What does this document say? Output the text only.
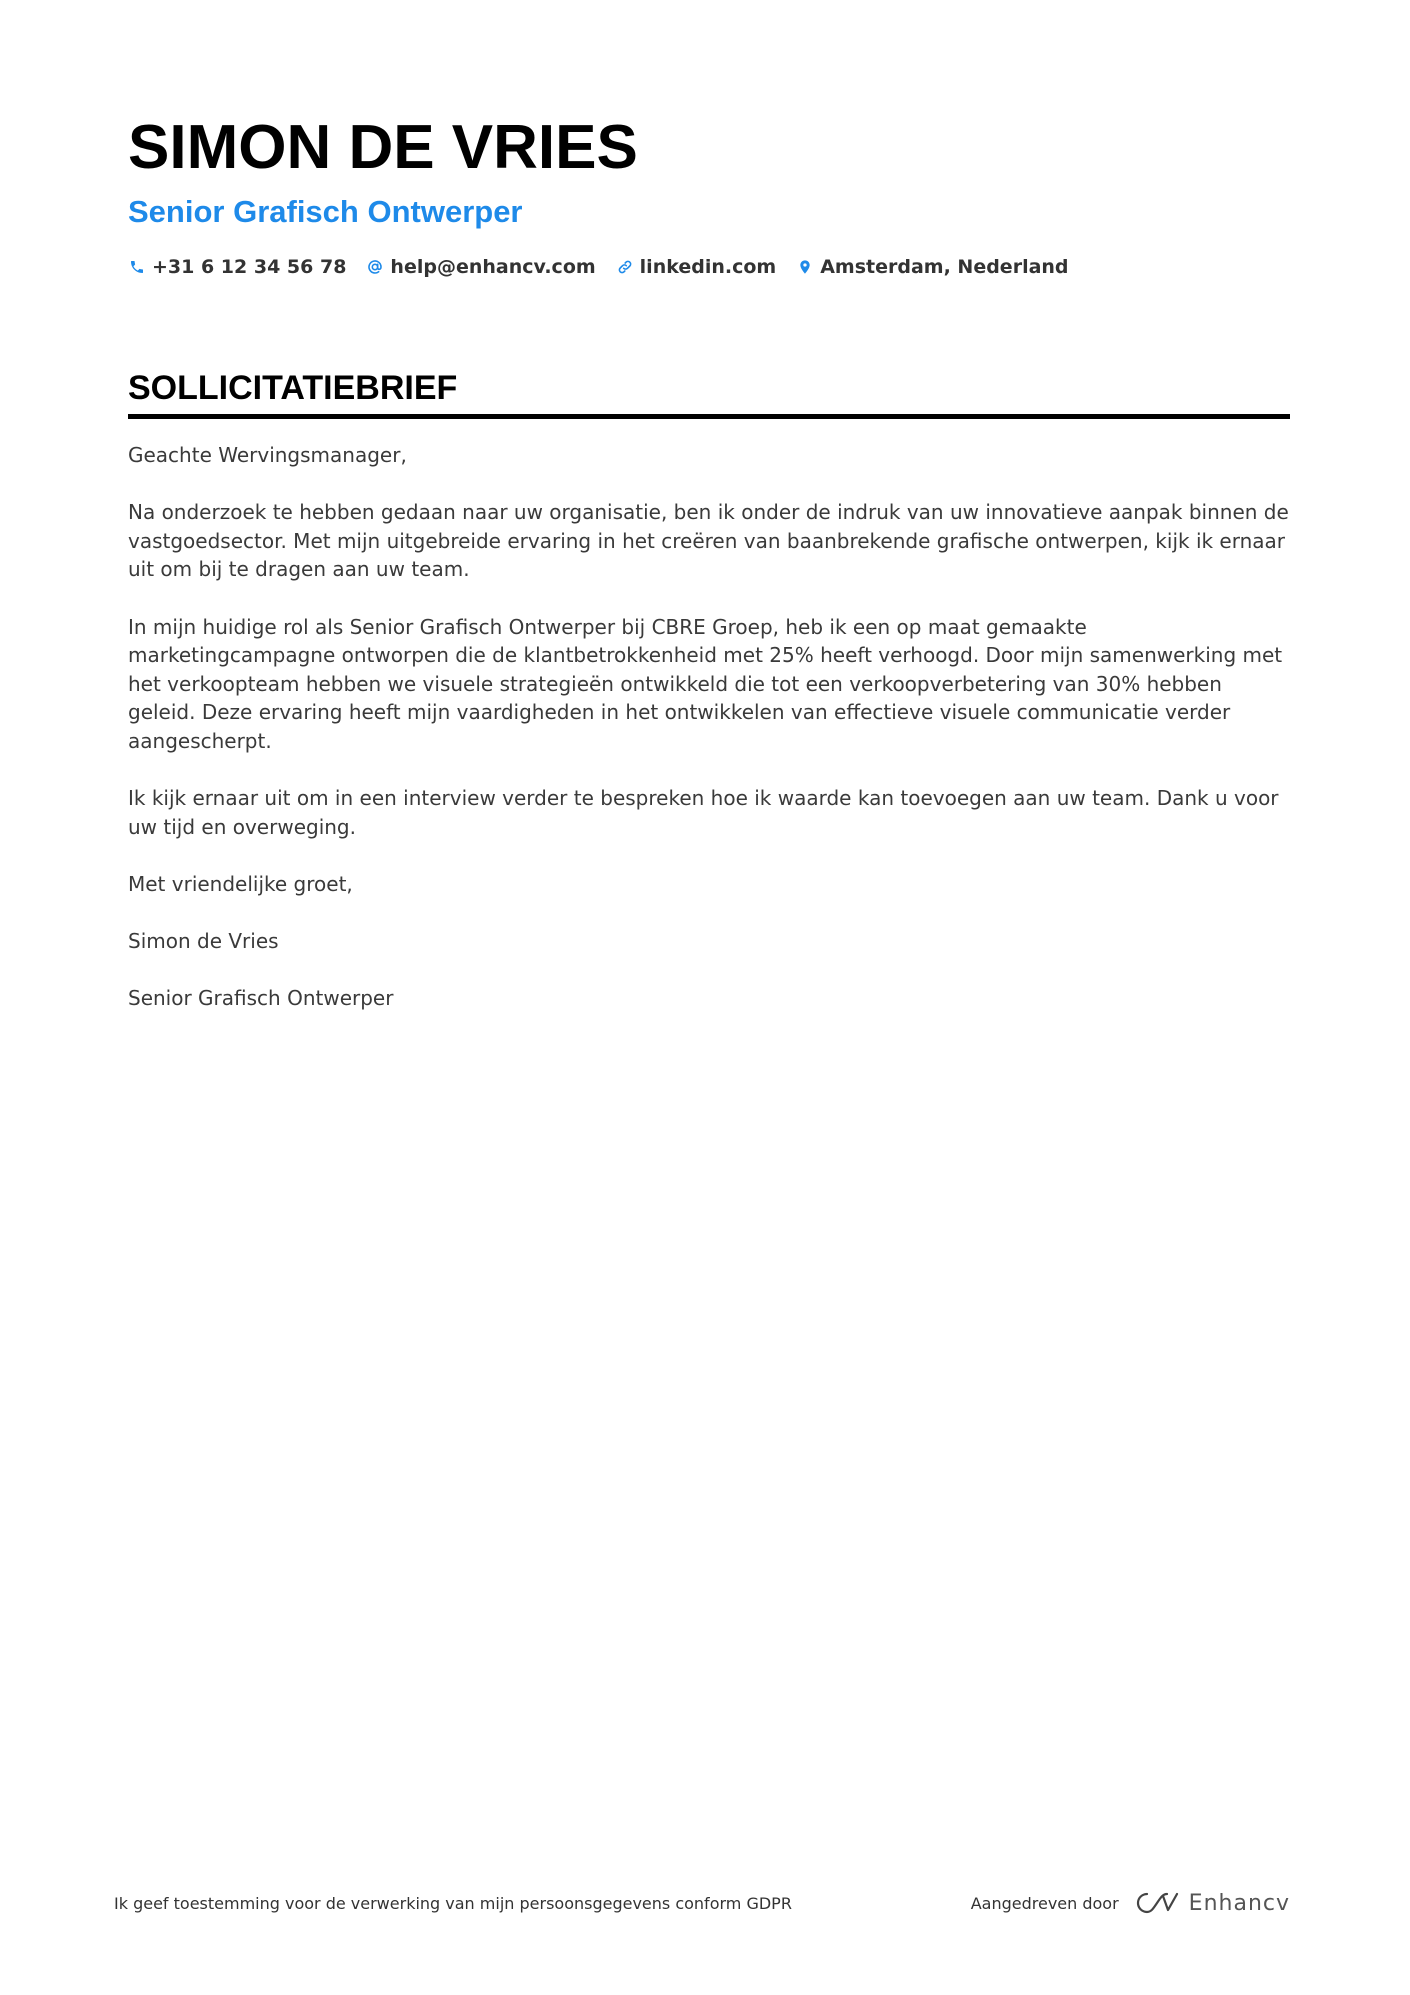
SIMON DE VRIES
Senior Grafisch Ontwerper
+31 6 12 34 56 78 help@enhancv.com linkedin.com Amsterdam, Nederland
SOLLICITATIEBRIEF

Geachte Wervingsmanager,

Na onderzoek te hebben gedaan naar uw organisatie, ben ik onder de indruk van uw innovatieve aanpak binnen de vastgoedsector. Met mijn uitgebreide ervaring in het creëren van baanbrekende grafische ontwerpen, kijk ik ernaar uit om bij te dragen aan uw team.

In mijn huidige rol als Senior Grafisch Ontwerper bij CBRE Groep, heb ik een op maat gemaakte marketingcampagne ontworpen die de klantbetrokkenheid met 25% heeft verhoogd. Door mijn samenwerking met het verkoopteam hebben we visuele strategieën ontwikkeld die tot een verkoopverbetering van 30% hebben geleid. Deze ervaring heeft mijn vaardigheden in het ontwikkelen van effectieve visuele communicatie verder aangescherpt.

Ik kijk ernaar uit om in een interview verder te bespreken hoe ik waarde kan toevoegen aan uw team. Dank u voor uw tijd en overweging.

Met vriendelijke groet,

Simon de Vries

Senior Grafisch Ontwerper

Ik geef toestemming voor de verwerking van mijn persoonsgegevens conform GDPR	Aangedreven door	Enhancv
